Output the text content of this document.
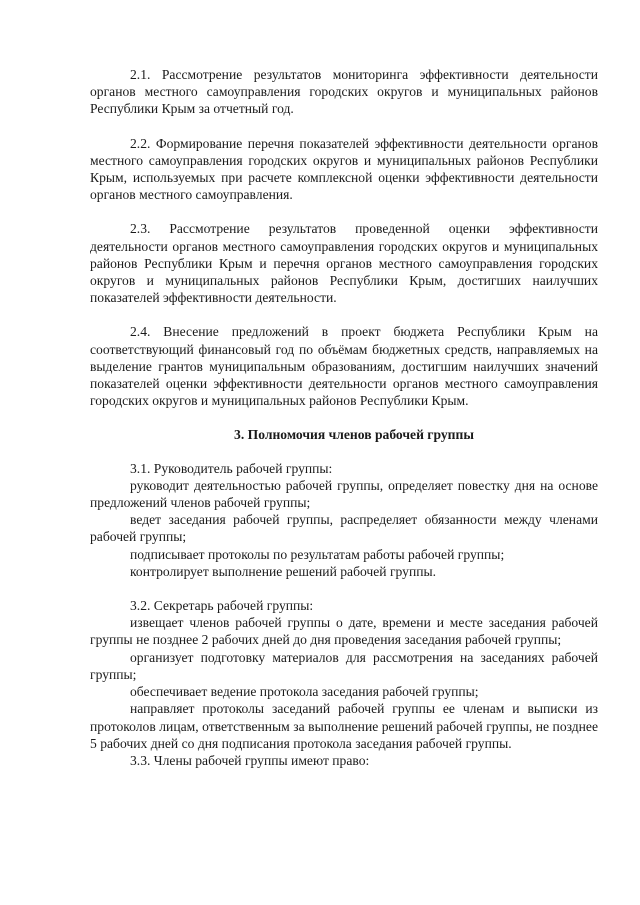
2.1. Рассмотрение результатов мониторинга эффективности деятельности органов местного самоуправления городских округов и муниципальных районов Республики Крым за отчетный год.

2.2. Формирование перечня показателей эффективности деятельности органов местного самоуправления городских округов и муниципальных районов Республики Крым, используемых при расчете комплексной оценки эффективности деятельности органов местного самоуправления.

2.3. Рассмотрение результатов проведенной оценки эффективности деятельности органов местного самоуправления городских округов и муниципальных районов Республики Крым и перечня органов местного самоуправления городских округов и муниципальных районов Республики Крым, достигших наилучших показателей эффективности деятельности.

2.4. Внесение предложений в проект бюджета Республики Крым на соответствующий финансовый год по объёмам бюджетных средств, направляемых на выделение грантов муниципальным образованиям, достигшим наилучших значений показателей оценки эффективности деятельности органов местного самоуправления городских округов и муниципальных районов Республики Крым.

3. Полномочия членов рабочей группы

3.1. Руководитель рабочей группы:

руководит деятельностью рабочей группы, определяет повестку дня на основе предложений членов рабочей группы;

ведет заседания рабочей группы, распределяет обязанности между членами рабочей группы;

подписывает протоколы по результатам работы рабочей группы;

контролирует выполнение решений рабочей группы.

3.2. Секретарь рабочей группы:

извещает членов рабочей группы о дате, времени и месте заседания рабочей группы не позднее 2 рабочих дней до дня проведения заседания рабочей группы;

организует подготовку материалов для рассмотрения на заседаниях рабочей группы;

обеспечивает ведение протокола заседания рабочей группы;

направляет протоколы заседаний рабочей группы ее членам и выписки из протоколов лицам, ответственным за выполнение решений рабочей группы, не позднее 5 рабочих дней со дня подписания протокола заседания рабочей группы.

3.3. Члены рабочей группы имеют право:
